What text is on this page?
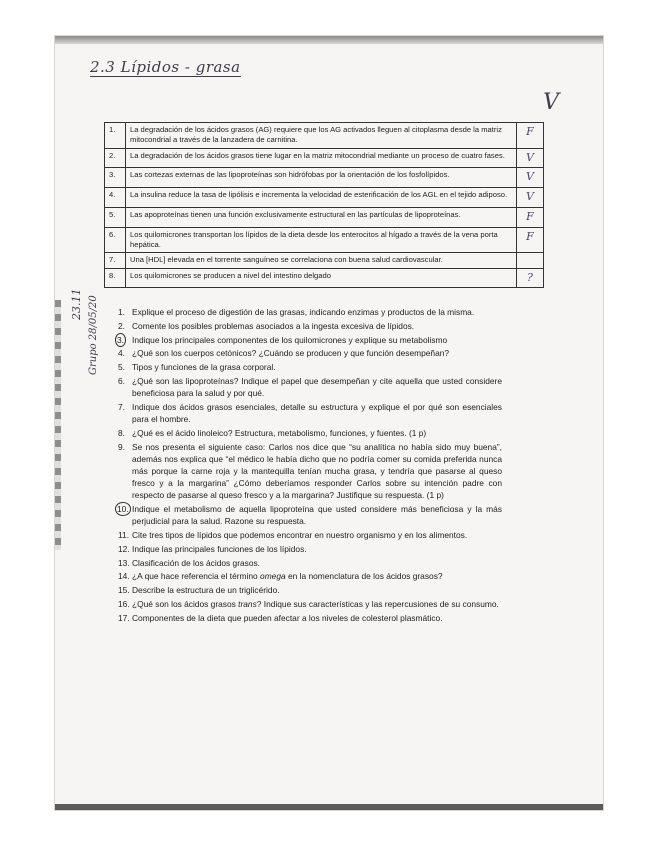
2.3 Lípidos - grasa
V
23.11 Grupo 28/05/20
1.	La degradación de los ácidos grasos (AG) requiere que los AG activados lleguen al citoplasma desde la matriz mitocondrial a través de la lanzadera de carnitina.	F
2.	La degradación de los ácidos grasos tiene lugar en la matriz mitocondrial mediante un proceso de cuatro fases.	V
3.	Las cortezas externas de las lipoproteínas son hidrófobas por la orientación de los fosfolípidos.	V
4.	La insulina reduce la tasa de lipólisis e incrementa la velocidad de esterificación de los AGL en el tejido adiposo.	V
5.	Las apoproteínas tienen una función exclusivamente estructural en las partículas de lipoproteínas.	F
6.	Los quilomicrones transportan los lípidos de la dieta desde los enterocitos al hígado a través de la vena porta hepática.	F
7.	Una [HDL] elevada en el torrente sanguíneo se correlaciona con buena salud cardiovascular.	
8.	Los quilomicrones se producen a nivel del intestino delgado	?
1. Explique el proceso de digestión de las grasas, indicando enzimas y productos de la misma.
2. Comente los posibles problemas asociados a la ingesta excesiva de lípidos.
3. Indique los principales componentes de los quilomicrones y explique su metabolismo
4. ¿Qué son los cuerpos cetónicos? ¿Cuándo se producen y que función desempeñan?
5. Tipos y funciones de la grasa corporal.
6. ¿Qué son las lipoproteínas? Indique el papel que desempeñan y cite aquella que usted considere beneficiosa para la salud y por qué.
7. Indique dos ácidos grasos esenciales, detalle su estructura y explique el por qué son esenciales para el hombre.
8. ¿Qué es el ácido linoleico? Estructura, metabolismo, funciones, y fuentes. (1 p)
9. Se nos presenta el siguiente caso: Carlos nos dice que “su analítica no había sido muy buena”, además nos explica que “el médico le había dicho que no podría comer su comida preferida nunca más porque la carne roja y la mantequilla tenían mucha grasa, y tendría que pasarse al queso fresco y a la margarina” ¿Cómo deberíamos responder Carlos sobre su intención padre con respecto de pasarse al queso fresco y a la margarina? Justifique su respuesta. (1 p)
10. Indique el metabolismo de aquella lipoproteína que usted considere más beneficiosa y la más perjudicial para la salud. Razone su respuesta.
11. Cite tres tipos de lípidos que podemos encontrar en nuestro organismo y en los alimentos.
12. Indique las principales funciones de los lípidos.
13. Clasificación de los ácidos grasos.
14. ¿A que hace referencia el término omega en la nomenclatura de los ácidos grasos?
15. Describe la estructura de un triglicérido.
16. ¿Qué son los ácidos grasos trans? Indique sus características y las repercusiones de su consumo.
17. Componentes de la dieta que pueden afectar a los niveles de colesterol plasmático.
